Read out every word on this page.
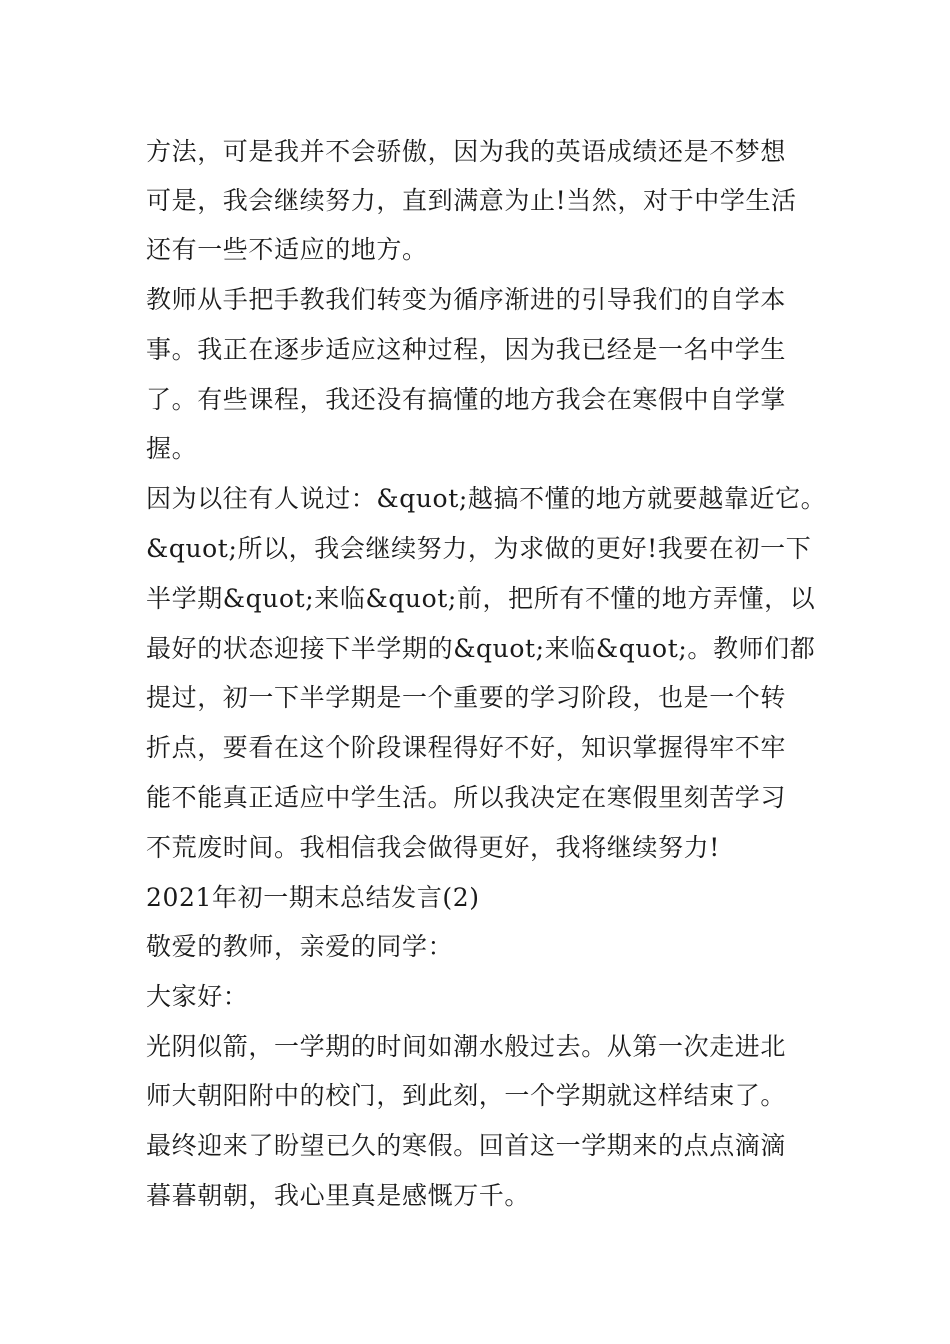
方法，可是我并不会骄傲，因为我的英语成绩还是不梦想
可是，我会继续努力，直到满意为止!当然，对于中学生活
还有一些不适应的地方。
教师从手把手教我们转变为循序渐进的引导我们的自学本
事。我正在逐步适应这种过程，因为我已经是一名中学生
了。有些课程，我还没有搞懂的地方我会在寒假中自学掌
握。
因为以往有人说过：&quot;越搞不懂的地方就要越靠近它。
&quot;所以，我会继续努力，为求做的更好!我要在初一下
半学期&quot;来临&quot;前，把所有不懂的地方弄懂，以
最好的状态迎接下半学期的&quot;来临&quot;。教师们都
提过，初一下半学期是一个重要的学习阶段，也是一个转
折点，要看在这个阶段课程得好不好，知识掌握得牢不牢
能不能真正适应中学生活。所以我决定在寒假里刻苦学习
不荒废时间。我相信我会做得更好，我将继续努力!
2021年初一期末总结发言(2)
敬爱的教师，亲爱的同学：
大家好：
光阴似箭，一学期的时间如潮水般过去。从第一次走进北
师大朝阳附中的校门，到此刻，一个学期就这样结束了。
最终迎来了盼望已久的寒假。回首这一学期来的点点滴滴
暮暮朝朝，我心里真是感慨万千。
